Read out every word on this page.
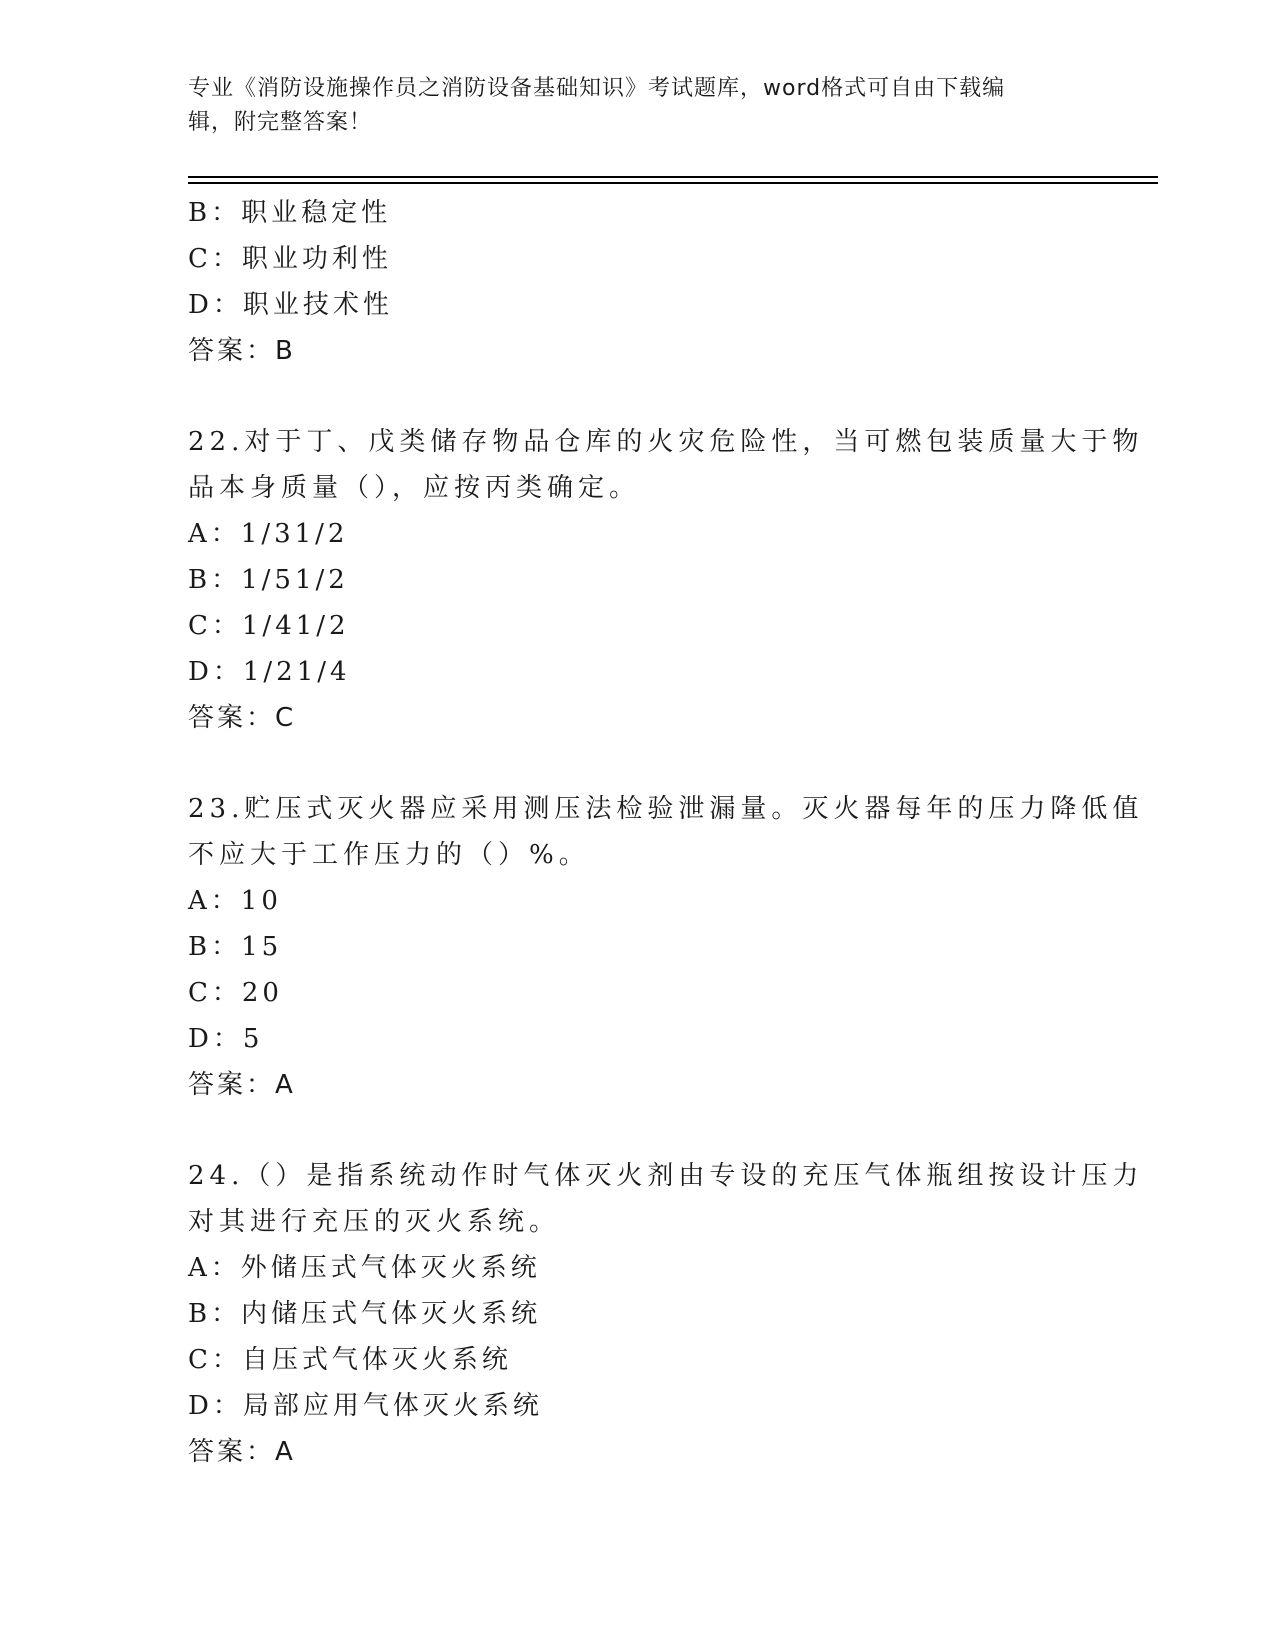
专业《消防设施操作员之消防设备基础知识》考试题库，word格式可自由下载编
辑，附完整答案！
B：职业稳定性
C：职业功利性
D：职业技术性
答案：B
22.对于丁、戊类储存物品仓库的火灾危险性，当可燃包装质量大于物
品本身质量（），应按丙类确定。
A：1/31/2
B：1/51/2
C：1/41/2
D：1/21/4
答案：C
23.贮压式灭火器应采用测压法检验泄漏量。灭火器每年的压力降低值
不应大于工作压力的（）%。
A：10
B：15
C：20
D：5
答案：A
24.（）是指系统动作时气体灭火剂由专设的充压气体瓶组按设计压力
对其进行充压的灭火系统。
A：外储压式气体灭火系统
B：内储压式气体灭火系统
C：自压式气体灭火系统
D：局部应用气体灭火系统
答案：A
